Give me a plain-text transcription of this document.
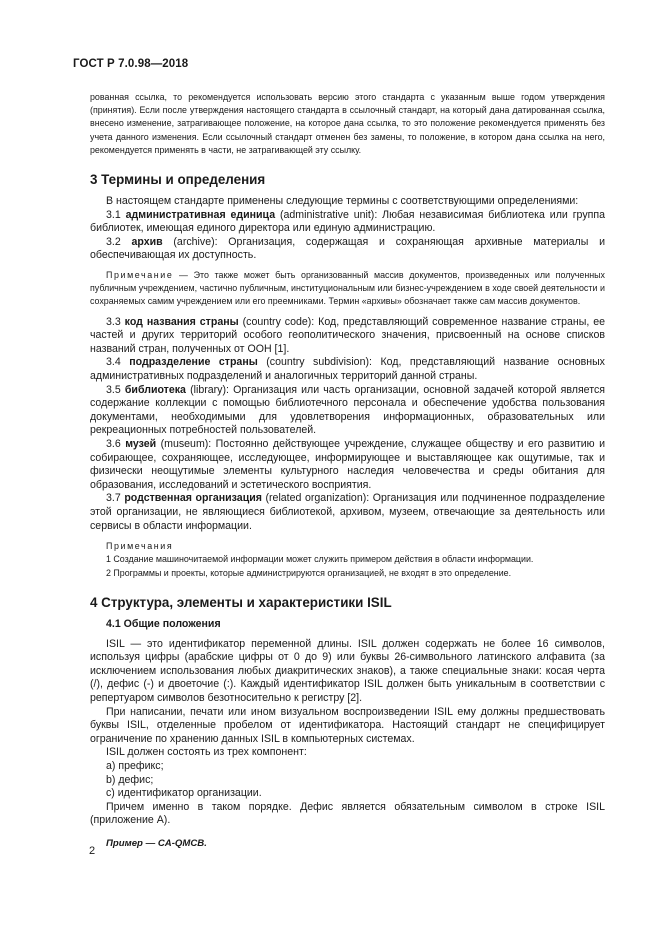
ГОСТ Р 7.0.98—2018

рованная ссылка, то рекомендуется использовать версию этого стандарта с указанным выше годом утверждения (принятия). Если после утверждения настоящего стандарта в ссылочный стандарт, на который дана датированная ссылка, внесено изменение, затрагивающее положение, на которое дана ссылка, то это положение рекомендуется применять без учета данного изменения. Если ссылочный стандарт отменен без замены, то положение, в котором дана ссылка на него, рекомендуется применять в части, не затрагивающей эту ссылку.

3 Термины и определения

В настоящем стандарте применены следующие термины с соответствующими определениями:

3.1 административная единица (administrative unit): Любая независимая библиотека или группа библиотек, имеющая единого директора или единую администрацию.

3.2 архив (archive): Организация, содержащая и сохраняющая архивные материалы и обеспечивающая их доступность.

Примечание — Это также может быть организованный массив документов, произведенных или полученных публичным учреждением, частично публичным, институциональным или бизнес-учреждением в ходе своей деятельности и сохраняемых самим учреждением или его преемниками. Термин «архивы» обозначает также сам массив документов.

3.3 код названия страны (country code): Код, представляющий современное название страны, ее частей и других территорий особого геополитического значения, присвоенный на основе списков названий стран, полученных от ООН [1].

3.4 подразделение страны (country subdivision): Код, представляющий название основных административных подразделений и аналогичных территорий данной страны.

3.5 библиотека (library): Организация или часть организации, основной задачей которой является содержание коллекции с помощью библиотечного персонала и обеспечение удобства пользования документами, необходимыми для удовлетворения информационных, образовательных или рекреационных потребностей пользователей.

3.6 музей (museum): Постоянно действующее учреждение, служащее обществу и его развитию и собирающее, сохраняющее, исследующее, информирующее и выставляющее как ощутимые, так и физически неощутимые элементы культурного наследия человечества и среды обитания для образования, исследований и эстетического восприятия.

3.7 родственная организация (related organization): Организация или подчиненное подразделение этой организации, не являющиеся библиотекой, архивом, музеем, отвечающие за деятельность или сервисы в области информации.

Примечания

1 Создание машиночитаемой информации может служить примером действия в области информации.

2 Программы и проекты, которые администрируются организацией, не входят в это определение.

4 Структура, элементы и характеристики ISIL

4.1 Общие положения

ISIL — это идентификатор переменной длины. ISIL должен содержать не более 16 символов, используя цифры (арабские цифры от 0 до 9) или буквы 26-символьного латинского алфавита (за исключением использования любых диакритических знаков), а также специальные знаки: косая черта (/), дефис (-) и двоеточие (:). Каждый идентификатор ISIL должен быть уникальным в соответствии с репертуаром символов безотносительно к регистру [2].

При написании, печати или ином визуальном воспроизведении ISIL ему должны предшествовать буквы ISIL, отделенные пробелом от идентификатора. Настоящий стандарт не специфицирует ограничение по хранению данных ISIL в компьютерных системах.

ISIL должен состоять из трех компонент:

a) префикс;

b) дефис;

c) идентификатор организации.

Причем именно в таком порядке. Дефис является обязательным символом в строке ISIL (приложение А).

Пример — CA-QMCB.

2
